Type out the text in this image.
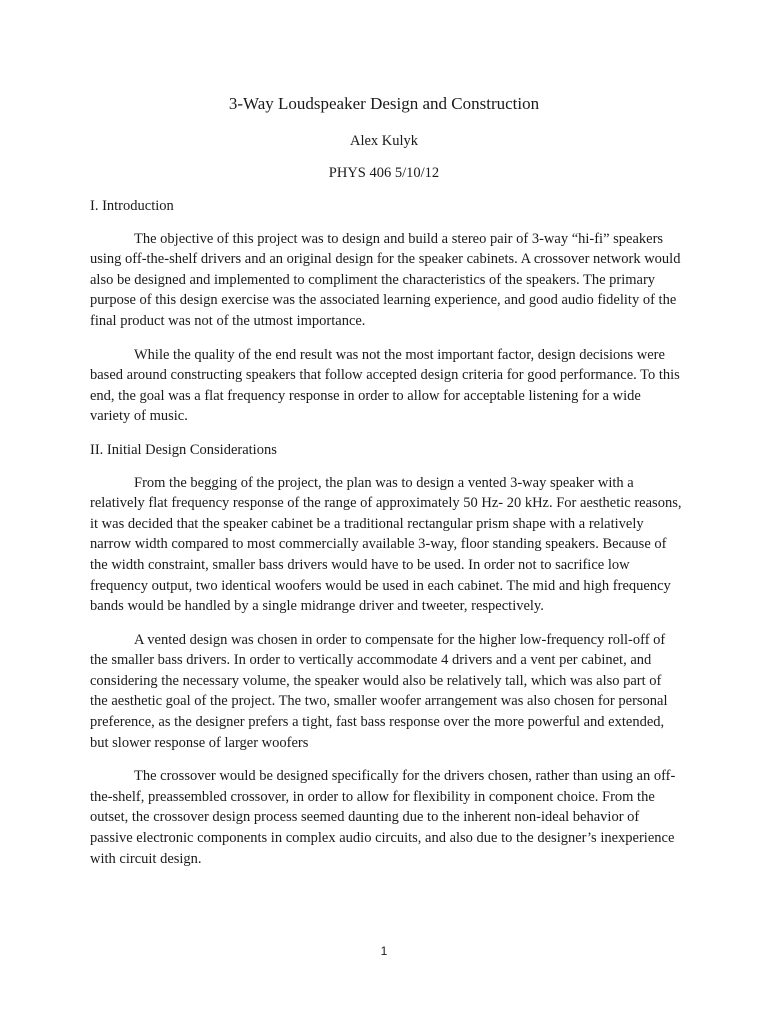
3-Way Loudspeaker Design and Construction
Alex Kulyk
PHYS 406 5/10/12
I. Introduction

The objective of this project was to design and build a stereo pair of 3-way “hi-fi” speakers using off-the-shelf drivers and an original design for the speaker cabinets. A crossover network would also be designed and implemented to compliment the characteristics of the speakers. The primary purpose of this design exercise was the associated learning experience, and good audio fidelity of the final product was not of the utmost importance.

While the quality of the end result was not the most important factor, design decisions were based around constructing speakers that follow accepted design criteria for good performance. To this end, the goal was a flat frequency response in order to allow for acceptable listening for a wide variety of music.

II. Initial Design Considerations

From the begging of the project, the plan was to design a vented 3-way speaker with a relatively flat frequency response of the range of approximately 50 Hz- 20 kHz. For aesthetic reasons, it was decided that the speaker cabinet be a traditional rectangular prism shape with a relatively narrow width compared to most commercially available 3-way, floor standing speakers. Because of the width constraint, smaller bass drivers would have to be used. In order not to sacrifice low frequency output, two identical woofers would be used in each cabinet. The mid and high frequency bands would be handled by a single midrange driver and tweeter, respectively.

A vented design was chosen in order to compensate for the higher low-frequency roll-off of the smaller bass drivers. In order to vertically accommodate 4 drivers and a vent per cabinet, and considering the necessary volume, the speaker would also be relatively tall, which was also part of the aesthetic goal of the project. The two, smaller woofer arrangement was also chosen for personal preference, as the designer prefers a tight, fast bass response over the more powerful and extended, but slower response of larger woofers

The crossover would be designed specifically for the drivers chosen, rather than using an off-the-shelf, preassembled crossover, in order to allow for flexibility in component choice. From the outset, the crossover design process seemed daunting due to the inherent non-ideal behavior of passive electronic components in complex audio circuits, and also due to the designer’s inexperience with circuit design.

1
